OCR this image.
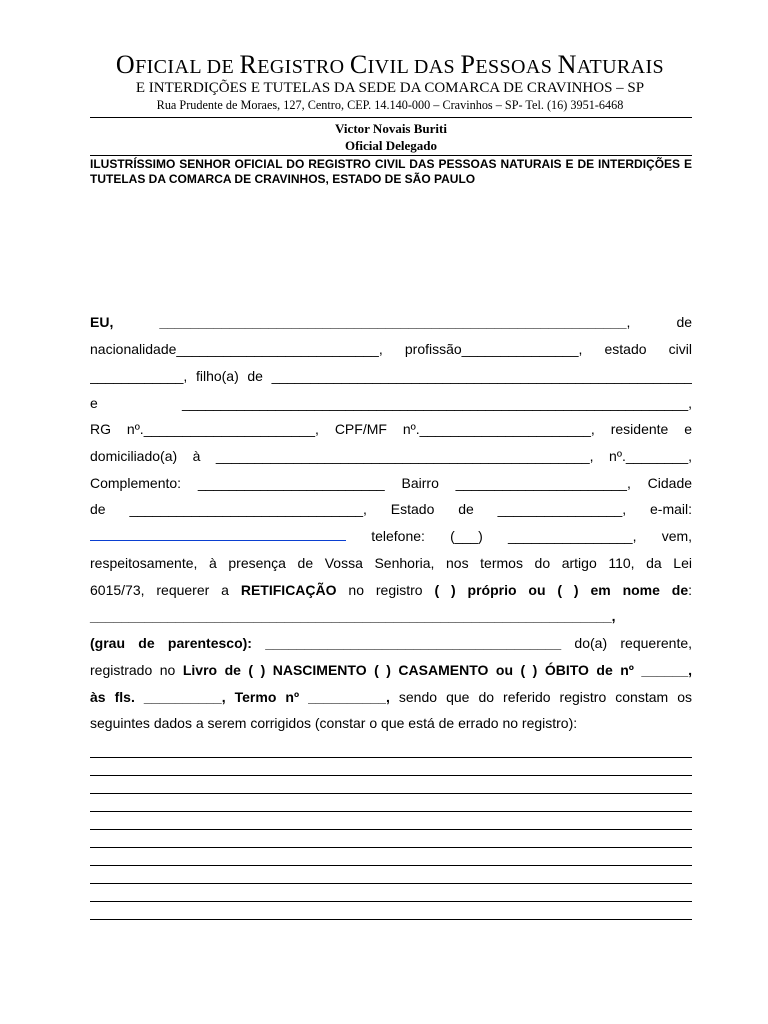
OFICIAL DE REGISTRO CIVIL DAS PESSOAS NATURAIS
E INTERDIÇÕES E TUTELAS DA SEDE DA COMARCA DE CRAVINHOS – SP
Rua Prudente de Moraes, 127, Centro, CEP. 14.140-000 – Cravinhos – SP- Tel. (16) 3951-6468
Victor Novais Buriti
Oficial Delegado
ILUSTRÍSSIMO SENHOR OFICIAL DO REGISTRO CIVIL DAS PESSOAS NATURAIS E DE INTERDIÇÕES E TUTELAS DA COMARCA DE CRAVINHOS, ESTADO DE SÃO PAULO
EU,	____________________________________________________________,	de
nacionalidade__________________________, profissão_______________, estado civil
____________, filho(a) de ______________________________________________________
e	_________________________________________________________________,
RG nº.______________________, CPF/MF nº.______________________, residente e
domiciliado(a) à ________________________________________________, nº.________,
Complemento: ________________________ Bairro ______________________, Cidade
de ______________________________, Estado de ________________, e-mail:
telefone: (___) ________________, vem,
respeitosamente, à presença de Vossa Senhoria, nos termos do artigo 110, da Lei
6015/73, requerer a RETIFICAÇÃO no registro ( ) próprio ou ( ) em nome de:
___________________________________________________________________,
(grau de parentesco): ______________________________________ do(a) requerente,
registrado no Livro de ( ) NASCIMENTO ( ) CASAMENTO ou ( ) ÓBITO de nº ______,
às fls. __________, Termo nº __________, sendo que do referido registro constam os
seguintes dados a serem corrigidos (constar o que está de errado no registro):
